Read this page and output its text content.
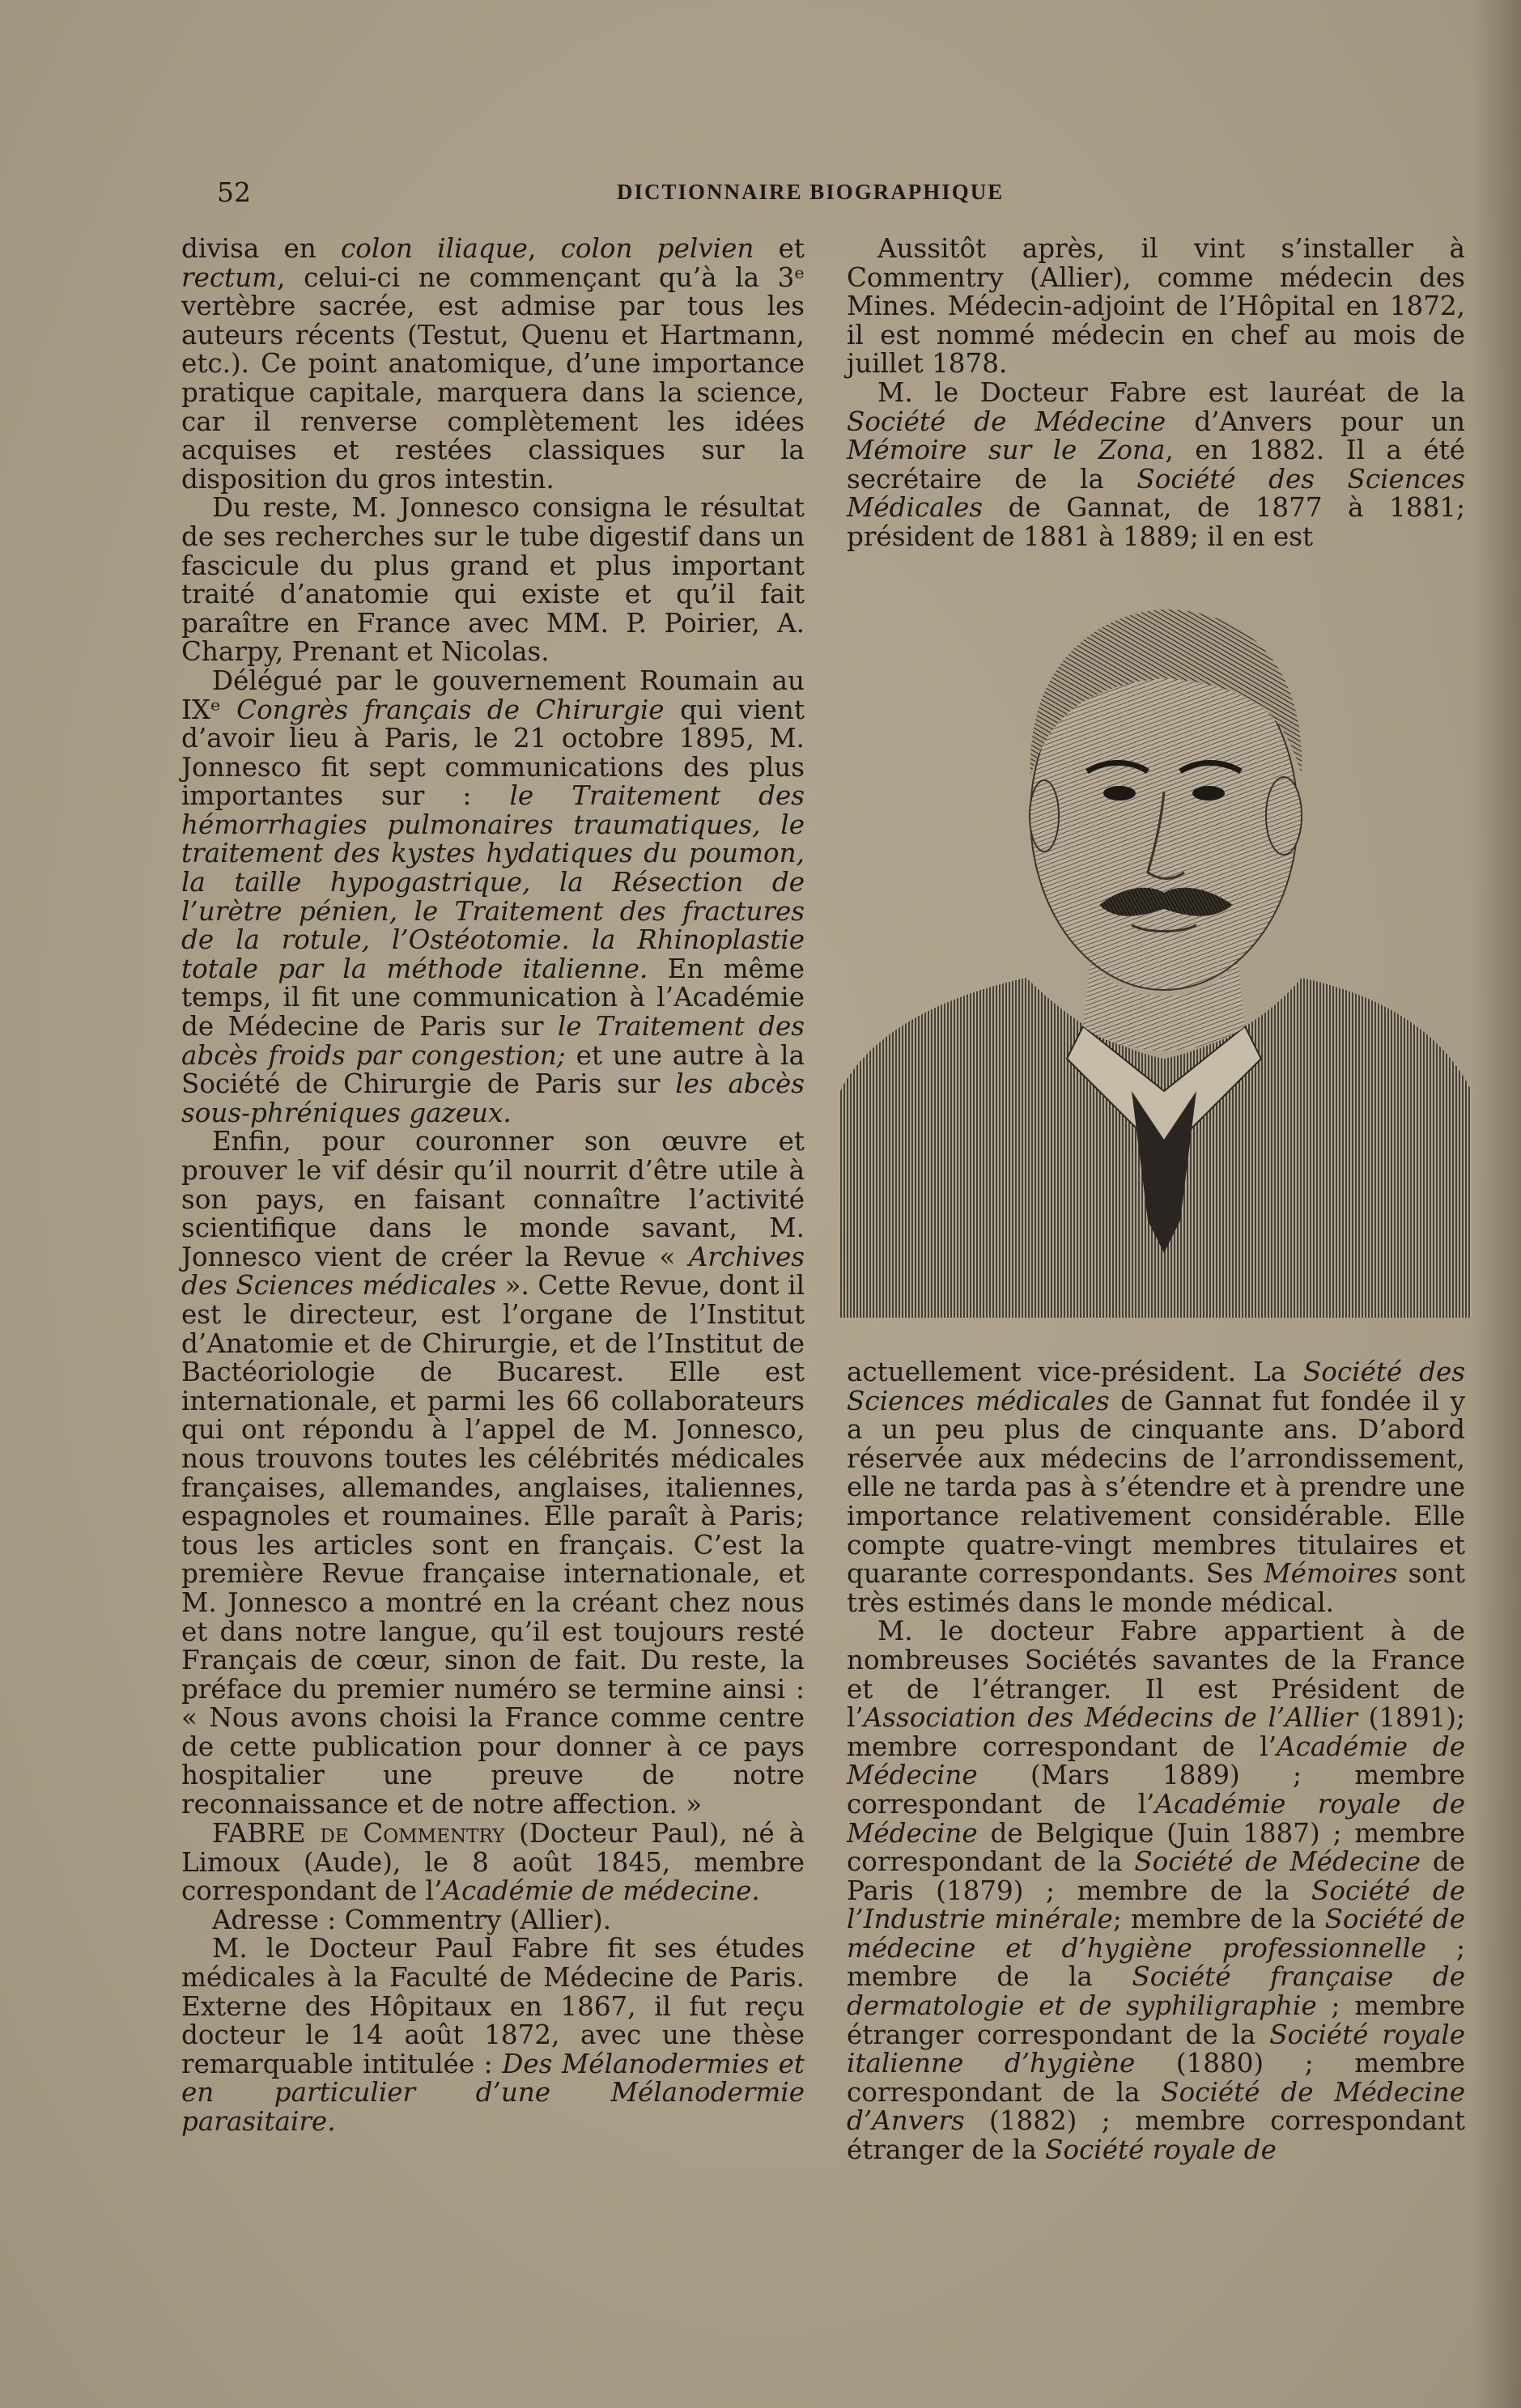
52	DICTIONNAIRE BIOGRAPHIQUE

divisa en colon iliaque, colon pelvien et rectum, celui-ci ne commençant qu’à la 3ᵉ vertèbre sacrée, est admise par tous les auteurs récents (Testut, Quenu et Hartmann, etc.). Ce point anatomique, d’une importance pratique capitale, marquera dans la science, car il renverse complètement les idées acquises et restées classiques sur la disposition du gros intestin.

Du reste, M. Jonnesco consigna le résultat de ses recherches sur le tube digestif dans un fascicule du plus grand et plus important traité d’anatomie qui existe et qu’il fait paraître en France avec MM. P. Poirier, A. Charpy, Prenant et Nicolas.

Délégué par le gouvernement Roumain au IXᵉ Congrès français de Chirurgie qui vient d’avoir lieu à Paris, le 21 octobre 1895, M. Jonnesco fit sept communications des plus importantes sur : le Traitement des hémorrhagies pulmonaires traumatiques, le traitement des kystes hydatiques du poumon, la taille hypogastrique, la Résection de l’urètre pénien, le Traitement des fractures de la rotule, l’Ostéotomie. la Rhinoplastie totale par la méthode italienne. En même temps, il fit une communication à l’Académie de Médecine de Paris sur le Traitement des abcès froids par congestion; et une autre à la Société de Chirurgie de Paris sur les abcès sous-phréniques gazeux.

Enfin, pour couronner son œuvre et prouver le vif désir qu’il nourrit d’être utile à son pays, en faisant connaître l’activité scientifique dans le monde savant, M. Jonnesco vient de créer la Revue « Archives des Sciences médicales ». Cette Revue, dont il est le directeur, est l’organe de l’Institut d’Anatomie et de Chirurgie, et de l’Institut de Bactéoriologie de Bucarest. Elle est internationale, et parmi les 66 collaborateurs qui ont répondu à l’appel de M. Jonnesco, nous trouvons toutes les célébrités médicales françaises, allemandes, anglaises, italiennes, espagnoles et roumaines. Elle paraît à Paris; tous les articles sont en français. C’est la première Revue française internationale, et M. Jonnesco a montré en la créant chez nous et dans notre langue, qu’il est toujours resté Français de cœur, sinon de fait. Du reste, la préface du premier numéro se termine ainsi : « Nous avons choisi la France comme centre de cette publication pour donner à ce pays hospitalier une preuve de notre reconnaissance et de notre affection. »

FABRE de Commentry (Docteur Paul), né à Limoux (Aude), le 8 août 1845, membre correspondant de l’Académie de médecine.

Adresse : Commentry (Allier).

M. le Docteur Paul Fabre fit ses études médicales à la Faculté de Médecine de Paris. Externe des Hôpitaux en 1867, il fut reçu docteur le 14 août 1872, avec une thèse remarquable intitulée : Des Mélanodermies et en particulier d’une Mélanodermie parasitaire.

Aussitôt après, il vint s’installer à Commentry (Allier), comme médecin des Mines. Médecin-adjoint de l’Hôpital en 1872, il est nommé médecin en chef au mois de juillet 1878.

M. le Docteur Fabre est lauréat de la Société de Médecine d’Anvers pour un Mémoire sur le Zona, en 1882. Il a été secrétaire de la Société des Sciences Médicales de Gannat, de 1877 à 1881; président de 1881 à 1889; il en est

actuellement vice-président. La Société des Sciences médicales de Gannat fut fondée il y a un peu plus de cinquante ans. D’abord réservée aux médecins de l’arrondissement, elle ne tarda pas à s’étendre et à prendre une importance relativement considérable. Elle compte quatre-vingt membres titulaires et quarante correspondants. Ses Mémoires sont très estimés dans le monde médical.

M. le docteur Fabre appartient à de nombreuses Sociétés savantes de la France et de l’étranger. Il est Président de l’Association des Médecins de l’Allier (1891); membre correspondant de l’Académie de Médecine (Mars 1889) ; membre correspondant de l’Académie royale de Médecine de Belgique (Juin 1887) ; membre correspondant de la Société de Médecine de Paris (1879) ; membre de la Société de l’Industrie minérale; membre de la Société de médecine et d’hygiène professionnelle ; membre de la Société française de dermatologie et de syphiligraphie ; membre étranger correspondant de la Société royale italienne d’hygiène (1880) ; membre correspondant de la Société de Médecine d’Anvers (1882) ; membre correspondant étranger de la Société royale de
